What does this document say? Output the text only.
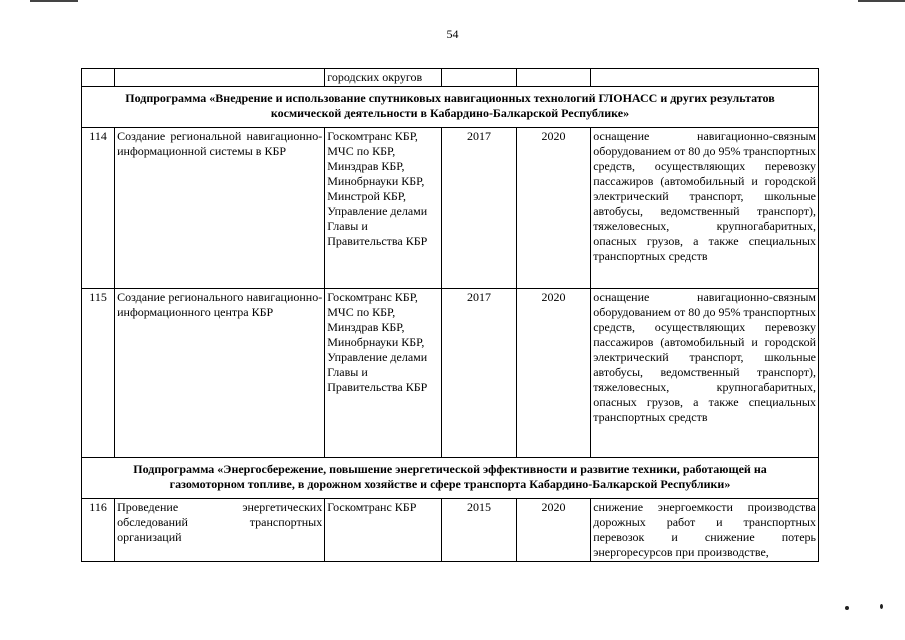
54
		городских округов			
Подпрограмма «Внедрение и использование спутниковых навигационных технологий ГЛОНАСС и других результатов космической деятельности в Кабардино-Балкарской Республике»					
114	Создание региональной навигационно-информационной системы в КБР	Госкомтранс КБР, МЧС по КБР, Минздрав КБР, Минобрнауки КБР, Минстрой КБР, Управление делами Главы и Правительства КБР	2017	2020	оснащение навигационно-связным оборудованием от 80 до 95% транспортных средств, осуществляющих перевозку пассажиров (автомобильный и городской электрический транспорт, школьные автобусы, ведомственный транспорт), тяжеловесных, крупногабаритных, опасных грузов, а также специальных транспортных средств
115	Создание регионального навигационно-информационного центра КБР	Госкомтранс КБР, МЧС по КБР, Минздрав КБР, Минобрнауки КБР, Управление делами Главы и Правительства КБР	2017	2020	оснащение навигационно-связным оборудованием от 80 до 95% транспортных средств, осуществляющих перевозку пассажиров (автомобильный и городской электрический транспорт, школьные автобусы, ведомственный транспорт), тяжеловесных, крупногабаритных, опасных грузов, а также специальных транспортных средств
Подпрограмма «Энергосбережение, повышение энергетической эффективности и развитие техники, работающей на газомоторном топливе, в дорожном хозяйстве и сфере транспорта Кабардино-Балкарской Республики»					
116	Проведение энергетических обследований транспортных организаций	Госкомтранс КБР	2015	2020	снижение энергоемкости производства дорожных работ и транспортных перевозок и снижение потерь энергоресурсов при производстве,
